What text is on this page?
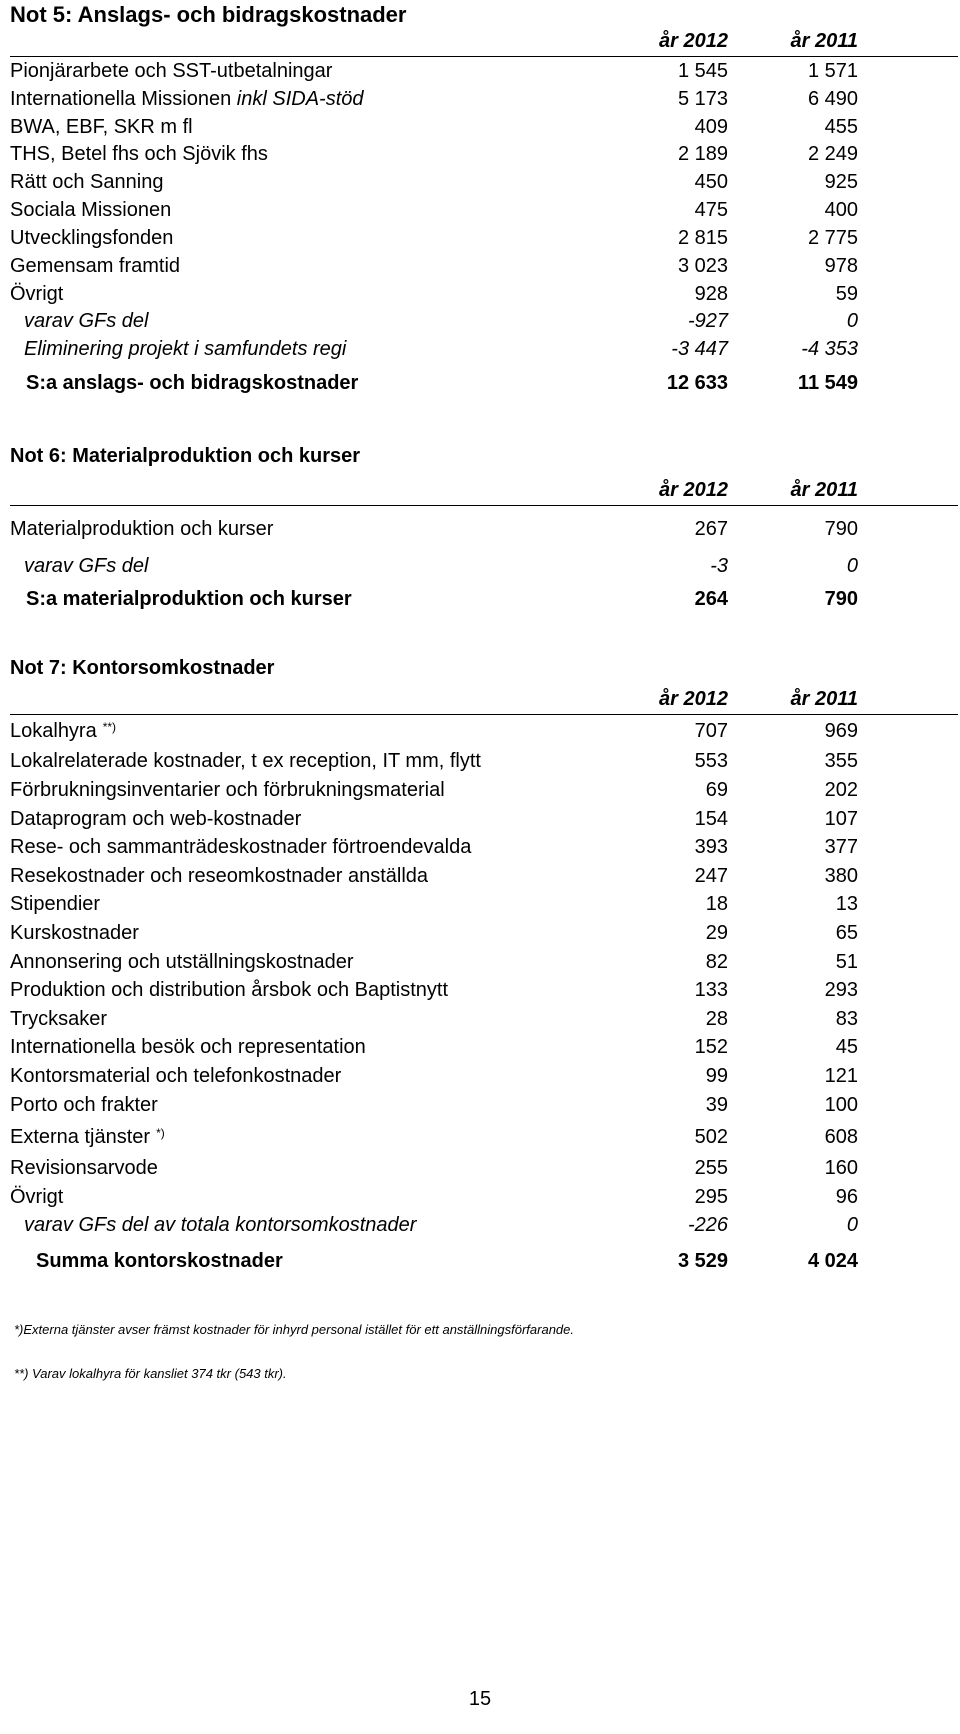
Not 5: Anslags- och bidragskostnader
år 2012	år 2011
Pionjärarbete och SST-utbetalningar	1 545	1 571
Internationella Missionen inkl SIDA-stöd	5 173	6 490
BWA, EBF, SKR m fl	409	455
THS, Betel fhs och Sjövik fhs	2 189	2 249
Rätt och Sanning	450	925
Sociala Missionen	475	400
Utvecklingsfonden	2 815	2 775
Gemensam framtid	3 023	978
Övrigt	928	59
varav GFs del	-927	0
Eliminering projekt i samfundets regi	-3 447	-4 353
S:a anslags- och bidragskostnader	12 633	11 549
Not 6: Materialproduktion och kurser
år 2012	år 2011
Materialproduktion och kurser	267	790
varav GFs del	-3	0
S:a materialproduktion och kurser	264	790
Not 7: Kontorsomkostnader
år 2012	år 2011
Lokalhyra **)	707	969
Lokalrelaterade kostnader, t ex reception, IT mm, flytt	553	355
Förbrukningsinventarier och förbrukningsmaterial	69	202
Dataprogram och web-kostnader	154	107
Rese- och sammanträdeskostnader förtroendevalda	393	377
Resekostnader och reseomkostnader anställda	247	380
Stipendier	18	13
Kurskostnader	29	65
Annonsering och utställningskostnader	82	51
Produktion och distribution årsbok och Baptistnytt	133	293
Trycksaker	28	83
Internationella besök och representation	152	45
Kontorsmaterial och telefonkostnader	99	121
Porto och frakter	39	100
Externa tjänster *)	502	608
Revisionsarvode	255	160
Övrigt	295	96
varav GFs del av totala kontorsomkostnader	-226	0
Summa kontorskostnader	3 529	4 024
*)Externa tjänster avser främst kostnader för inhyrd personal istället för ett anställningsförfarande.
**) Varav lokalhyra för kansliet 374 tkr (543 tkr).
15
